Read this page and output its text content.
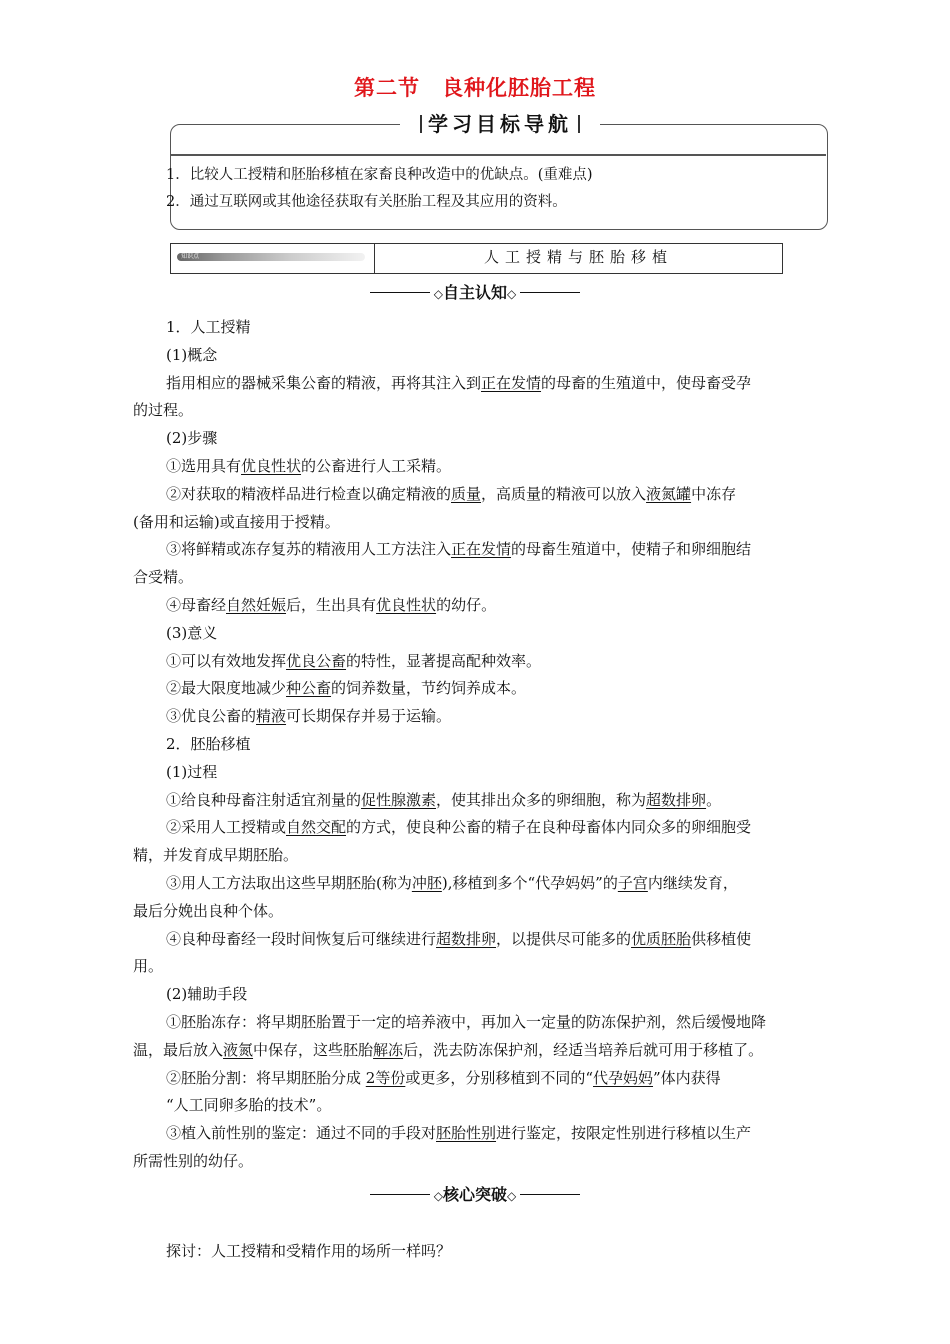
第二节 良种化胚胎工程
学习目标导航
1．比较人工授精和胚胎移植在家畜良种改造中的优缺点。(重难点)
2．通过互联网或其他途径获取有关胚胎工程及其应用的资料。
知识点	人工授精与胚胎移植
◇自主认知◇
1．人工授精
(1)概念
指用相应的器械采集公畜的精液，再将其注入到正在发情的母畜的生殖道中，使母畜受孕
的过程。
(2)步骤
①选用具有优良性状的公畜进行人工采精。
②对获取的精液样品进行检查以确定精液的质量，高质量的精液可以放入液氮罐中冻存
(备用和运输)或直接用于授精。
③将鲜精或冻存复苏的精液用人工方法注入正在发情的母畜生殖道中，使精子和卵细胞结
合受精。
④母畜经自然妊娠后，生出具有优良性状的幼仔。
(3)意义
①可以有效地发挥优良公畜的特性，显著提高配种效率。
②最大限度地减少种公畜的饲养数量，节约饲养成本。
③优良公畜的精液可长期保存并易于运输。
2．胚胎移植
(1)过程
①给良种母畜注射适宜剂量的促性腺激素，使其排出众多的卵细胞，称为超数排卵。
②采用人工授精或自然交配的方式，使良种公畜的精子在良种母畜体内同众多的卵细胞受
精，并发育成早期胚胎。
③用人工方法取出这些早期胚胎(称为冲胚),移植到多个“代孕妈妈”的子宫内继续发育，
最后分娩出良种个体。
④良种母畜经一段时间恢复后可继续进行超数排卵，以提供尽可能多的优质胚胎供移植使
用。
(2)辅助手段
①胚胎冻存：将早期胚胎置于一定的培养液中，再加入一定量的防冻保护剂，然后缓慢地降
温，最后放入液氮中保存，这些胚胎解冻后，洗去防冻保护剂，经适当培养后就可用于移植了。
②胚胎分割：将早期胚胎分成 2等份或更多，分别移植到不同的“代孕妈妈”体内获得
“人工同卵多胎的技术”。
③植入前性别的鉴定：通过不同的手段对胚胎性别进行鉴定，按限定性别进行移植以生产
所需性别的幼仔。
◇核心突破◇
探讨：人工授精和受精作用的场所一样吗？
